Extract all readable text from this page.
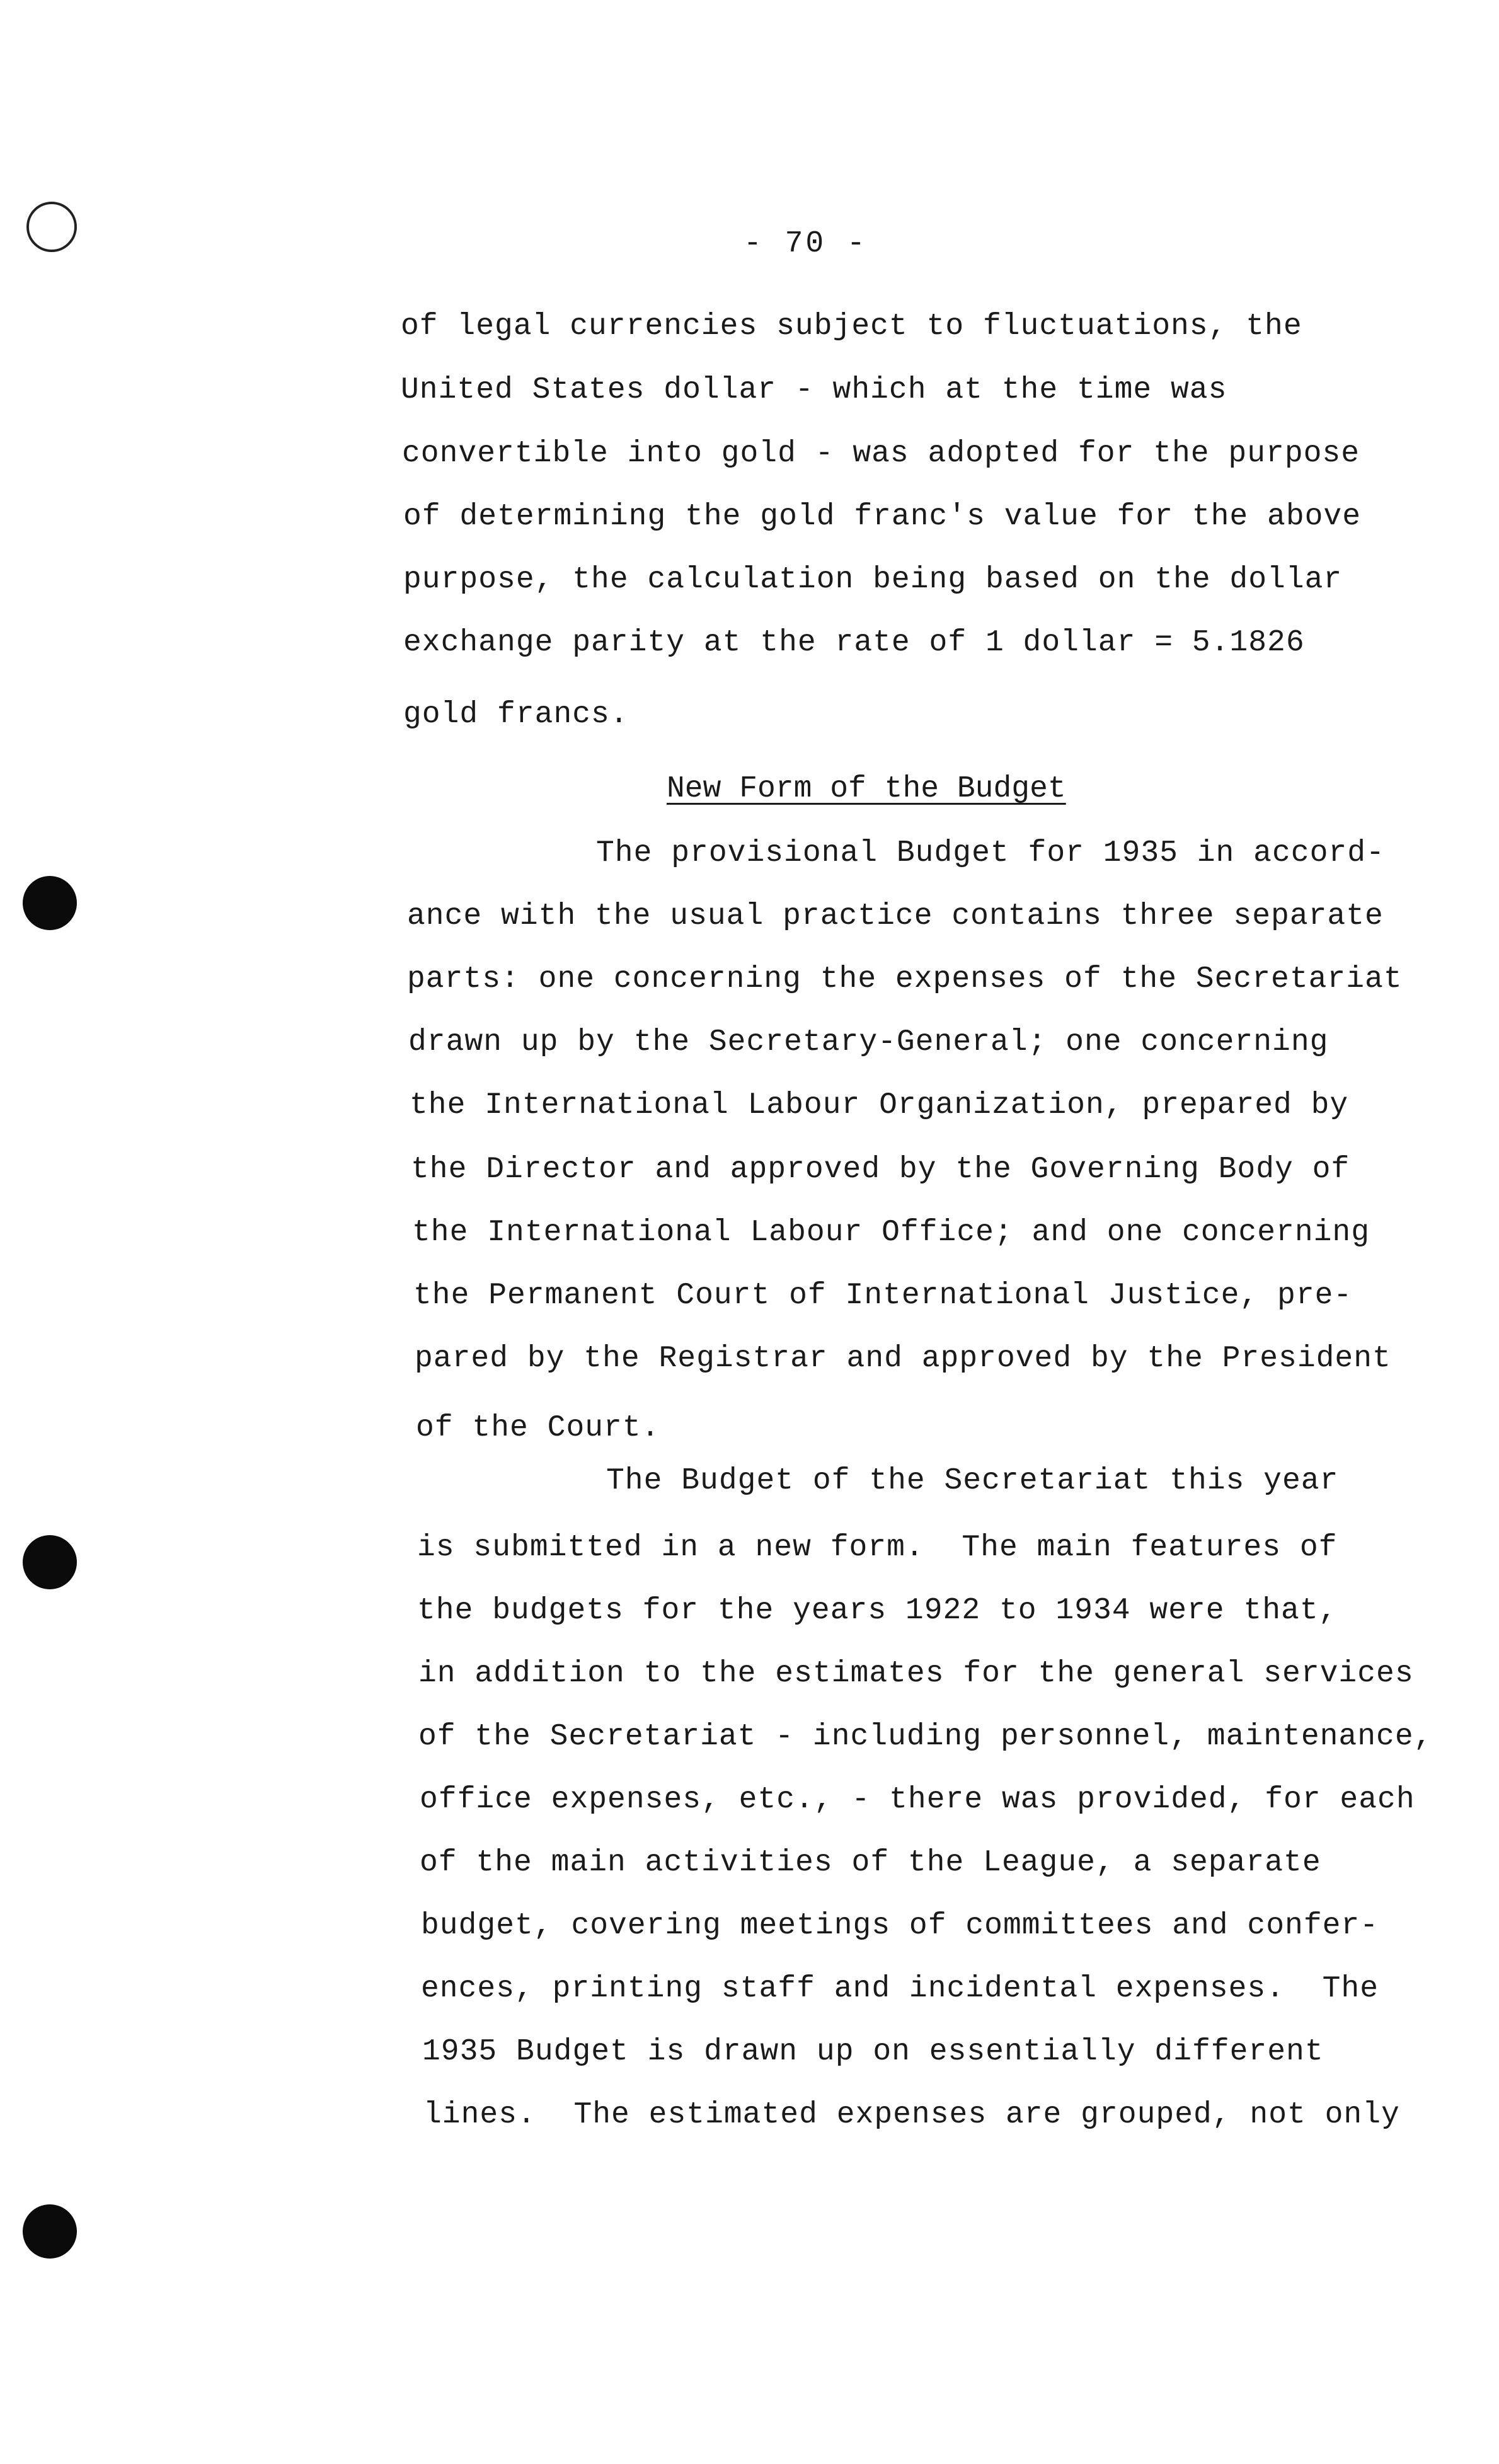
- 70 -
of legal currencies subject to fluctuations, the
United States dollar - which at the time was
convertible into gold - was adopted for the purpose
of determining the gold franc's value for the above
purpose, the calculation being based on the dollar
exchange parity at the rate of 1 dollar = 5.1826
gold francs.
New Form of the Budget
The provisional Budget for 1935 in accord-
ance with the usual practice contains three separate
parts: one concerning the expenses of the Secretariat
drawn up by the Secretary-General; one concerning
the International Labour Organization, prepared by
the Director and approved by the Governing Body of
the International Labour Office; and one concerning
the Permanent Court of International Justice, pre-
pared by the Registrar and approved by the President
of the Court.
The Budget of the Secretariat this year
is submitted in a new form.  The main features of
the budgets for the years 1922 to 1934 were that,
in addition to the estimates for the general services
of the Secretariat - including personnel, maintenance,
office expenses, etc., - there was provided, for each
of the main activities of the League, a separate
budget, covering meetings of committees and confer-
ences, printing staff and incidental expenses.  The
1935 Budget is drawn up on essentially different
lines.  The estimated expenses are grouped, not only
